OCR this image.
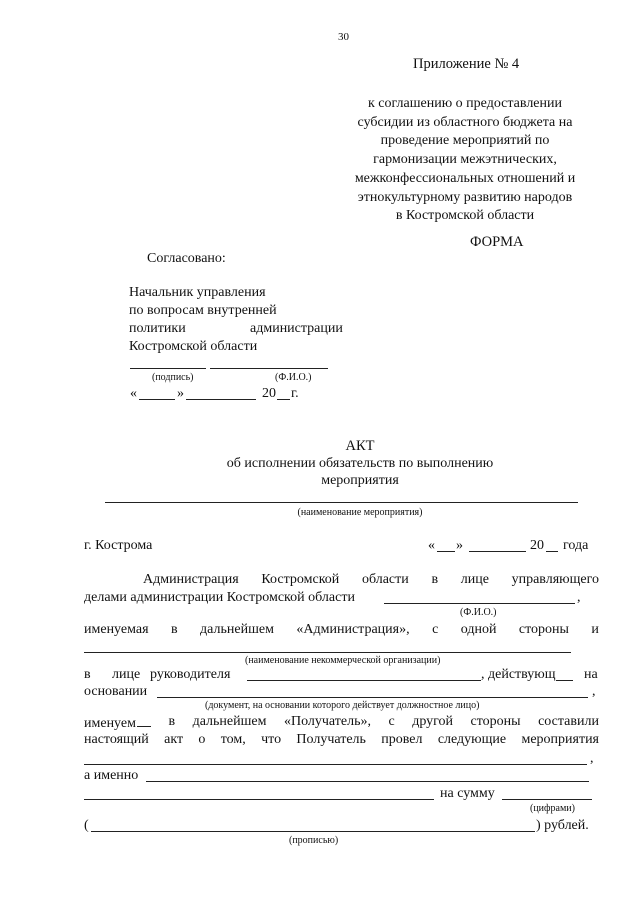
30
Приложение № 4
к соглашению о предоставлении
субсидии из областного бюджета на
проведение мероприятий по
гармонизации межэтнических,
межконфессиональных отношений и
этнокультурному развитию народов
в Костромской области
ФОРМА
Согласовано:
Начальник управления
по вопросам внутренней
политики	администрации
Костромской области
(подпись)	(Ф.И.О.)
«	»	20 г.
АКТ
об исполнении обязательств по выполнению
мероприятия
(наименование мероприятия)
г. Кострома	« »	20 года
Администрация Костромской области в лице управляющего
делами администрации Костромской области	,
(Ф.И.О.)
именуемая в дальнейшем «Администрация», с одной стороны и
(наименование некоммерческой организации)
в лице руководителя	, действующ на
основании	,
(документ, на основании которого действует должностное лицо)
именуем	в дальнейшем «Получатель», с другой стороны составили
настоящий акт о том, что Получатель провел следующие мероприятия
,
а именно
на сумму
(цифрами)
(	) рублей.
(прописью)
